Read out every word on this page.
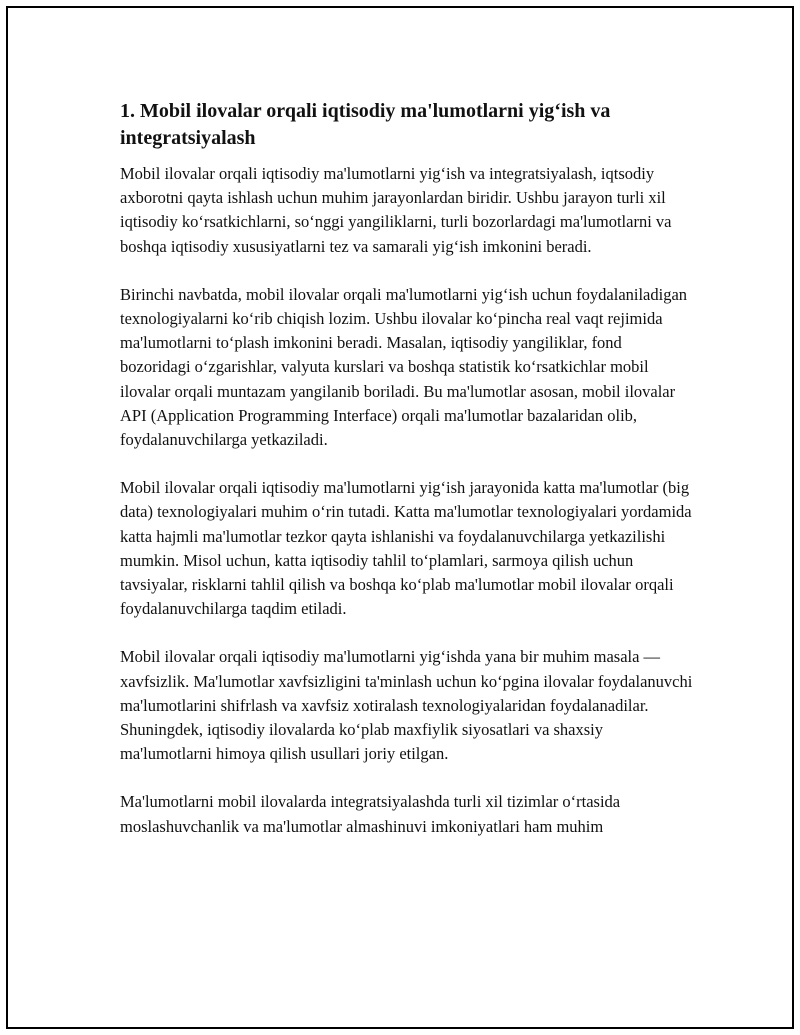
1. Mobil ilovalar orqali iqtisodiy ma'lumotlarni yig‘ish va integratsiyalash

Mobil ilovalar orqali iqtisodiy ma'lumotlarni yig‘ish va integratsiyalash, iqtsodiy axborotni qayta ishlash uchun muhim jarayonlardan biridir. Ushbu jarayon turli xil iqtisodiy ko‘rsatkichlarni, so‘nggi yangiliklarni, turli bozorlardagi ma'lumotlarni va boshqa iqtisodiy xususiyatlarni tez va samarali yig‘ish imkonini beradi.

Birinchi navbatda, mobil ilovalar orqali ma'lumotlarni yig‘ish uchun foydalaniladigan texnologiyalarni ko‘rib chiqish lozim. Ushbu ilovalar ko‘pincha real vaqt rejimida ma'lumotlarni to‘plash imkonini beradi. Masalan, iqtisodiy yangiliklar, fond bozoridagi o‘zgarishlar, valyuta kurslari va boshqa statistik ko‘rsatkichlar mobil ilovalar orqali muntazam yangilanib boriladi. Bu ma'lumotlar asosan, mobil ilovalar API (Application Programming Interface) orqali ma'lumotlar bazalaridan olib, foydalanuvchilarga yetkaziladi.

Mobil ilovalar orqali iqtisodiy ma'lumotlarni yig‘ish jarayonida katta ma'lumotlar (big data) texnologiyalari muhim o‘rin tutadi. Katta ma'lumotlar texnologiyalari yordamida katta hajmli ma'lumotlar tezkor qayta ishlanishi va foydalanuvchilarga yetkazilishi mumkin. Misol uchun, katta iqtisodiy tahlil to‘plamlari, sarmoya qilish uchun tavsiyalar, risklarni tahlil qilish va boshqa ko‘plab ma'lumotlar mobil ilovalar orqali foydalanuvchilarga taqdim etiladi.

Mobil ilovalar orqali iqtisodiy ma'lumotlarni yig‘ishda yana bir muhim masala — xavfsizlik. Ma'lumotlar xavfsizligini ta'minlash uchun ko‘pgina ilovalar foydalanuvchi ma'lumotlarini shifrlash va xavfsiz xotiralash texnologiyalaridan foydalanadilar. Shuningdek, iqtisodiy ilovalarda ko‘plab maxfiylik siyosatlari va shaxsiy ma'lumotlarni himoya qilish usullari joriy etilgan.

Ma'lumotlarni mobil ilovalarda integratsiyalashda turli xil tizimlar o‘rtasida moslashuvchanlik va ma'lumotlar almashinuvi imkoniyatlari ham muhim
